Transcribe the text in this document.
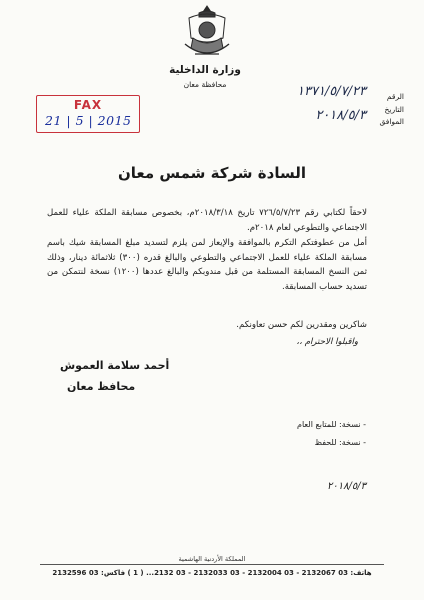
وزارة الداخلية
محافظة معان
FAX
21 | 5 | 2015
الرقم
التاريخ
الموافق
١٣٧١/٥/٧/٢٣
٢٠١٨/٥/٣
السادة شركة شمس معان

لاحقاً لكتابي رقم ٧٢٦/٥/٧/٢٣ تاريخ ٢٠١٨/٣/١٨م، بخصوص مسابقة الملكة علياء للعمل الاجتماعي والتطوعي لعام ٢٠١٨م.

أمل من عطوفتكم التكرم بالموافقة والإيعاز لمن يلزم لتسديد مبلغ المسابقة شيك باسم مسابقة الملكة علياء للعمل الاجتماعي والتطوعي والبالغ قدره (٣٠٠) ثلاثمائة دينار، وذلك ثمن النسخ المسابقة المستلمة من قبل مندوبكم والبالغ عددها (١٢٠٠) نسخة لنتمكن من تسديد حساب المسابقة.

شاكرين ومقدرين لكم حسن تعاونكم.
واقبلوا الاحترام ،،
أحمد سلامة العموش
محافظ معان
- نسخة: للمتابع العام
- نسخة: للحفظ
٢٠١٨/٥/٣
المملكة الأردنية الهاشمية
هاتف: 03 2132067 - 03 2132004 - 03 2132033 - 03 2132... ( 1 ) فاكس: 03 2132596
